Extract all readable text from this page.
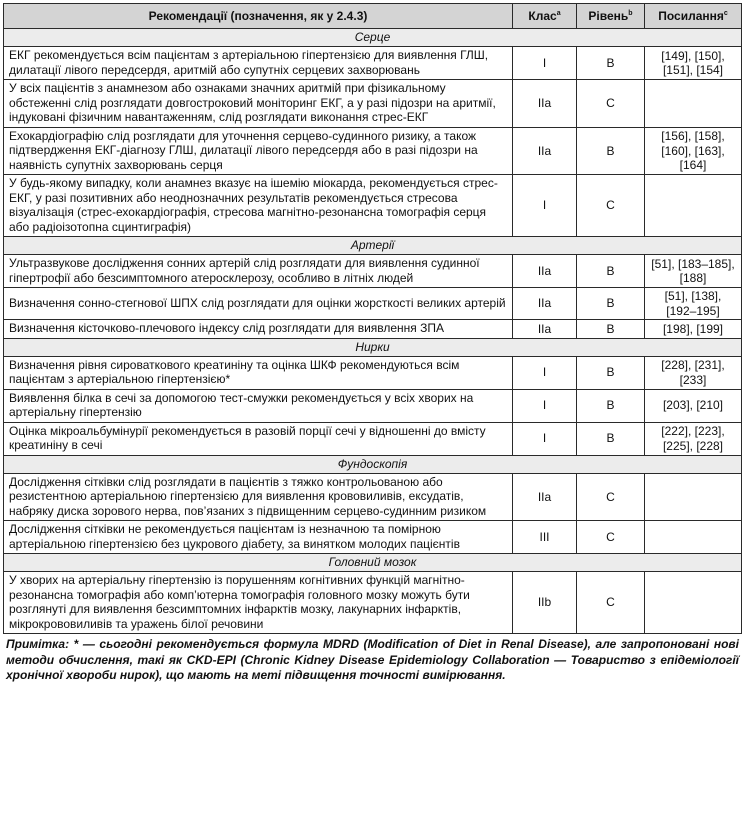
Рекомендації (позначення, як у 2.4.3)	Клас$^a$	Рівень$^b$	Посилання$^c$
Серце			
ЕКГ рекомендується всім пацієнтам з артеріальною гіпертензією для виявлення ГЛШ, дилатації лівого передсердя, аритмій або супутніх серцевих захворювань	I	B	[149], [150], [151], [154]
У всіх пацієнтів з анамнезом або ознаками значних аритмій при фізикальному обстеженні слід розглядати довгостроковий моніторинг ЕКГ, а у разі підозри на аритмії, індуковані фізичним навантаженням, слід розглядати виконання стрес-ЕКГ	IIa	C	
Ехокардіографію слід розглядати для уточнення серцево-судинного ризику, а також підтвердження ЕКГ-діагнозу ГЛШ, дилатації лівого передсердя або в разі підозри на наявність супутніх захворювань серця	IIa	B	[156], [158], [160], [163], [164]
У будь-якому випадку, коли анамнез вказує на ішемію міокарда, рекомендується стрес-ЕКГ, у разі позитивних або неоднозначних результатів рекомендується стресова візуалізація (стрес-ехокардіографія, стресова магнітно-резонансна томографія серця або радіоізотопна сцинтиграфія)	I	C	
Артерії			
Ультразвукове дослідження сонних артерій слід розглядати для виявлення судинної гіпертрофії або безсимптомного атеросклерозу, особливо в літніх людей	IIa	B	[51], [183–185], [188]
Визначення сонно-стегнової ШПХ слід розглядати для оцінки жорсткості великих артерій	IIa	B	[51], [138], [192–195]
Визначення кісточково-плечового індексу слід розглядати для виявлення ЗПА	IIa	B	[198], [199]
Нирки			
Визначення рівня сироваткового креатиніну та оцінка ШКФ рекомендуються всім пацієнтам з артеріальною гіпертензією*	I	B	[228], [231], [233]
Виявлення білка в сечі за допомогою тест-смужки рекомендується у всіх хворих на артеріальну гіпертензію	I	B	[203], [210]
Оцінка мікроальбумінурії рекомендується в разовій порції сечі у відношенні до вмісту креатиніну в сечі	I	B	[222], [223], [225], [228]
Фундоскопія			
Дослідження сітківки слід розглядати в пацієнтів з тяжко контрольованою або резистентною артеріальною гіпертензією для виявлення крововиливів, ексудатів, набряку диска зорового нерва, пов’язаних з підвищенним серцево-судинним ризиком	IIa	C	
Дослідження сітківки не рекомендується пацієнтам із незначною та помірною артеріальною гіпертензією без цукрового діабету, за винятком молодих пацієнтів	III	C	
Головний мозок			
У хворих на артеріальну гіпертензію із порушенням когнітивних функцій магнітно-резонансна томографія або комп’ютерна томографія головного мозку можуть бути розглянуті для виявлення безсимптомних інфарктів мозку, лакунарних інфарктів, мікрокрововиливів та уражень білої речовини	IIb	C	
Примітка: * — сьогодні рекомендується формула MDRD (Modification of Diet in Renal Disease), але запропоновані нові методи обчислення, такі як CKD-EPI (Chronic Kidney Disease Epidemiology Collaboration — Товариство з епідеміології хронічної хвороби нирок), що мають на меті підвищення точності вимірювання.
